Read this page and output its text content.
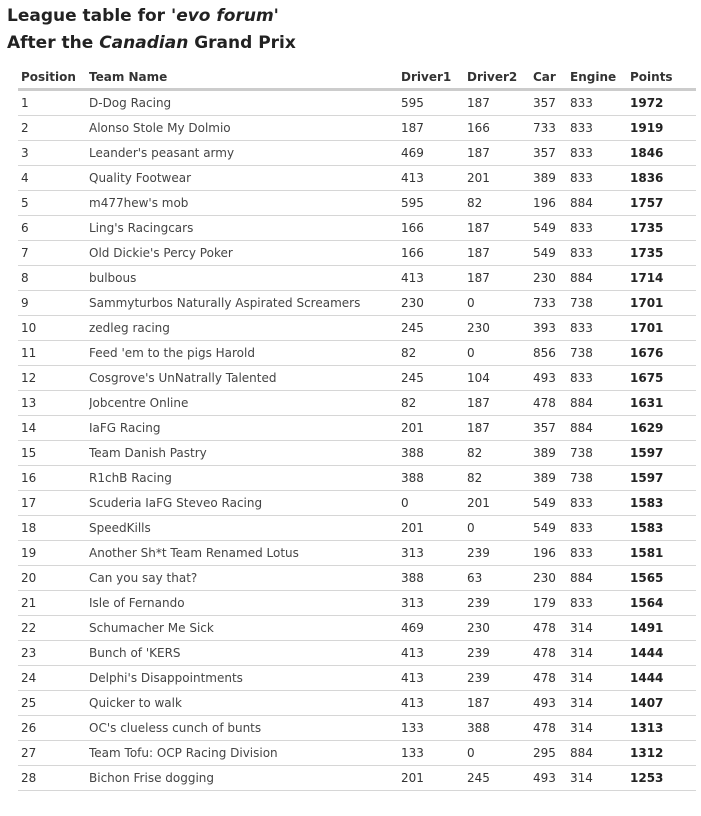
League table for 'evo forum'
After the Canadian Grand Prix
Position	Team Name	Driver1	Driver2	Car	Engine	Points
1	D-Dog Racing	595	187	357	833	1972
2	Alonso Stole My Dolmio	187	166	733	833	1919
3	Leander's peasant army	469	187	357	833	1846
4	Quality Footwear	413	201	389	833	1836
5	m477hew's mob	595	82	196	884	1757
6	Ling's Racingcars	166	187	549	833	1735
7	Old Dickie's Percy Poker	166	187	549	833	1735
8	bulbous	413	187	230	884	1714
9	Sammyturbos Naturally Aspirated Screamers	230	0	733	738	1701
10	zedleg racing	245	230	393	833	1701
11	Feed 'em to the pigs Harold	82	0	856	738	1676
12	Cosgrove's UnNatrally Talented	245	104	493	833	1675
13	Jobcentre Online	82	187	478	884	1631
14	IaFG Racing	201	187	357	884	1629
15	Team Danish Pastry	388	82	389	738	1597
16	R1chB Racing	388	82	389	738	1597
17	Scuderia IaFG Steveo Racing	0	201	549	833	1583
18	SpeedKills	201	0	549	833	1583
19	Another Sh*t Team Renamed Lotus	313	239	196	833	1581
20	Can you say that?	388	63	230	884	1565
21	Isle of Fernando	313	239	179	833	1564
22	Schumacher Me Sick	469	230	478	314	1491
23	Bunch of 'KERS	413	239	478	314	1444
24	Delphi's Disappointments	413	239	478	314	1444
25	Quicker to walk	413	187	493	314	1407
26	OC's clueless cunch of bunts	133	388	478	314	1313
27	Team Tofu: OCP Racing Division	133	0	295	884	1312
28	Bichon Frise dogging	201	245	493	314	1253
